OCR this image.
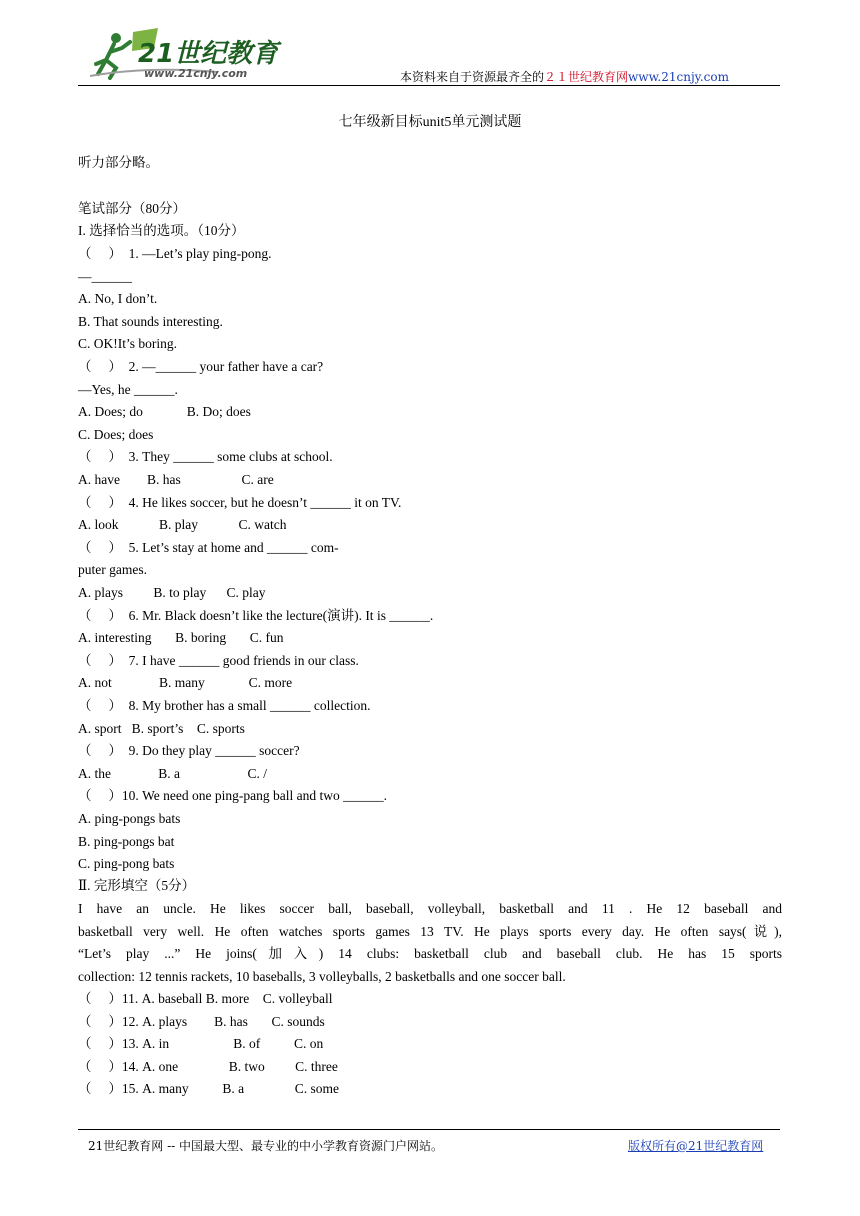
21世纪教育
www.21cnjy.com	本资料来自于资源最齐全的２１世纪教育网www.21cnjy.com
七年级新目标unit5单元测试题
听力部分略。
笔试部分（80分）
I. 选择恰当的选项。（10分）
（　 ）  1. —Let’s play ping-pong.
—______
A. No, I don’t.
B. That sounds interesting.
C. OK!It’s boring.
（　 ）  2. —______ your father have a car?
—Yes, he ______.
A. Does; do             B. Do; does
C. Does; does
（　 ）  3. They ______ some clubs at school.
A. have        B. has                  C. are
（　 ）  4. He likes soccer, but he doesn’t ______ it on TV.
A. look            B. play            C. watch
（　 ）  5. Let’s stay at home and ______ com-
puter games.
A. plays         B. to play      C. play
（　 ）  6. Mr. Black doesn’t like the lecture(演讲). It is ______.
A. interesting       B. boring       C. fun
（　 ）  7. I have ______ good friends in our class.
A. not              B. many             C. more
（　 ）  8. My brother has a small ______ collection.
A. sport   B. sport’s    C. sports
（　 ）  9. Do they play ______ soccer?
A. the              B. a                    C. /
（　 ）10. We need one ping-pang ball and two ______.
A. ping-pongs bats
B. ping-pongs bat
C. ping-pong bats
Ⅱ. 完形填空（5分）
I have an uncle. He likes soccer ball, baseball, volleyball, basketball and 11 . He 12 baseball and
basketball very well. He often watches sports games 13 TV. He plays sports every day. He often says(说),
“Let’s play ...” He joins(加入) 14 clubs: basketball club and baseball club. He has 15 sports
collection: 12 tennis rackets, 10 baseballs, 3 volleyballs, 2 basketballs and one soccer ball.
（　 ）11. A. baseball B. more    C. volleyball
（　 ）12. A. plays        B. has       C. sounds
（　 ）13. A. in                   B. of          C. on
（　 ）14. A. one               B. two         C. three
（　 ）15. A. many          B. a               C. some
21世纪教育网 -- 中国最大型、最专业的中小学教育资源门户网站。	版权所有@21世纪教育网
